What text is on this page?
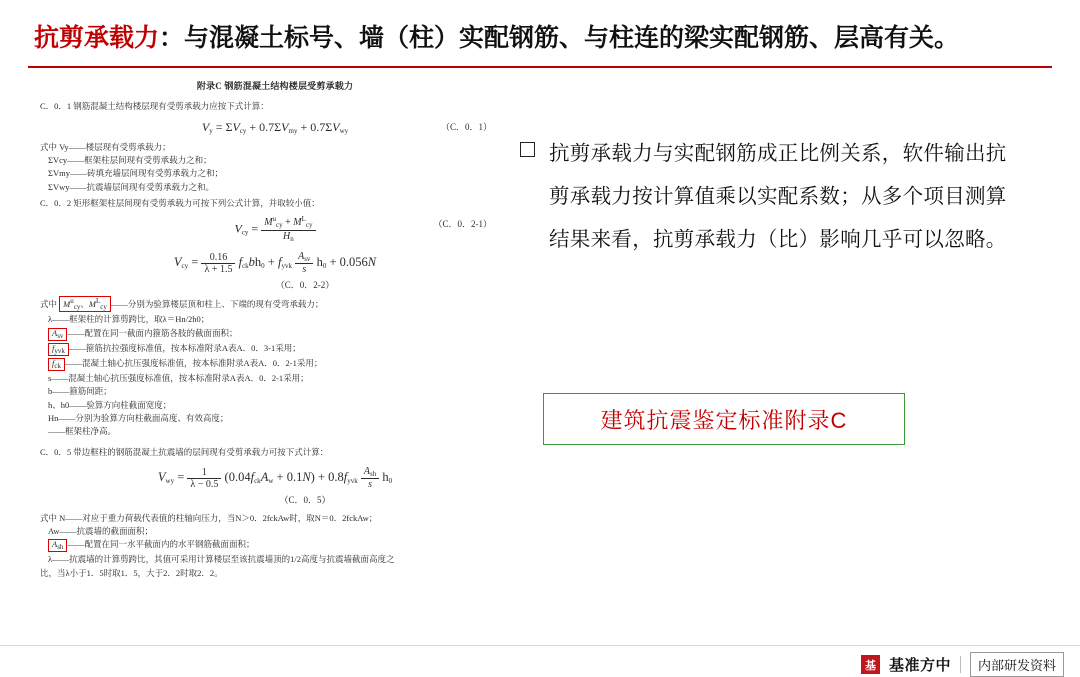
抗剪承载力：与混凝土标号、墙（柱）实配钢筋、与柱连的梁实配钢筋、层高有关。
附录C 钢筋混凝土结构楼层受剪承载力
C．0．1 钢筋混凝土结构楼层现有受剪承载力应按下式计算：
$V_y = \Sigma V_{cy} + 0.7\Sigma V_{my} + 0.7\Sigma V_{wy}$	（C．0．1）
式中 Vy——楼层现有受剪承载力；
ΣVcy——框架柱层间现有受剪承载力之和；
ΣVmy——砖填充墙层间现有受剪承载力之和；
ΣVwy——抗震墙层间现有受剪承载力之和。
C．0．2 矩形框架柱层间现有受剪承载力可按下列公式计算，并取较小值：
$V_{cy} = \frac{M^u_{cy} + M^L_{cy}}{H_n}$	（C．0．2-1）
$V_{cy} = \frac{0.16}{\lambda + 1.5} f_{ck}bh_0 + f_{yvk} \frac{A_{sv}}{s} h_0 + 0.056N$
（C．0．2-2）
式中 $M^u_{cy}$、$M^L_{cy}$ ——分别为验算楼层顶和柱上、下端的现有受弯承载力；
λ——框架柱的计算剪跨比，取λ＝Hn/2h0；
$A_{sv}$ ——配置在同一截面内箍筋各肢的截面面积；
$f_{yvk}$ ——箍筋抗拉强度标准值，按本标准附录A表A．0．3-1采用；
$f_{ck}$ ——混凝土轴心抗压强度标准值，按本标准附录A表A．0．2-1采用；
s——混凝土轴心抗压强度标准值，按本标准附录A表A．0．2-1采用；
b——箍筋间距；
h、h0——验算方向柱截面宽度；
Hn——分别为验算方向柱截面高度、有效高度；
——框架柱净高。
C．0．5 带边框柱的钢筋混凝土抗震墙的层间现有受剪承载力可按下式计算：
$V_{wy} = \frac{1}{\lambda - 0.5} (0.04f_{ck}A_w + 0.1N) + 0.8f_{yvk} \frac{A_{sh}}{s} h_0$
（C．0．5）
式中 N——对应于重力荷载代表值的柱轴向压力，当N＞0．2fckAw时，取N＝0．2fckAw；
Aw——抗震墙的截面面积；
$A_{sh}$ ——配置在同一水平截面内的水平钢筋截面面积；
λ——抗震墙的计算剪跨比，其值可采用计算楼层至该抗震墙顶的1/2高度与抗震墙截面高度之
比，当λ小于1．5时取1．5，大于2．2时取2．2。
抗剪承载力与实配钢筋成正比例关系，软件输出抗剪承载力按计算值乘以实配系数；从多个项目测算结果来看，抗剪承载力（比）影响几乎可以忽略。
建筑抗震鉴定标准附录C
基 基准方中	内部研发资料
